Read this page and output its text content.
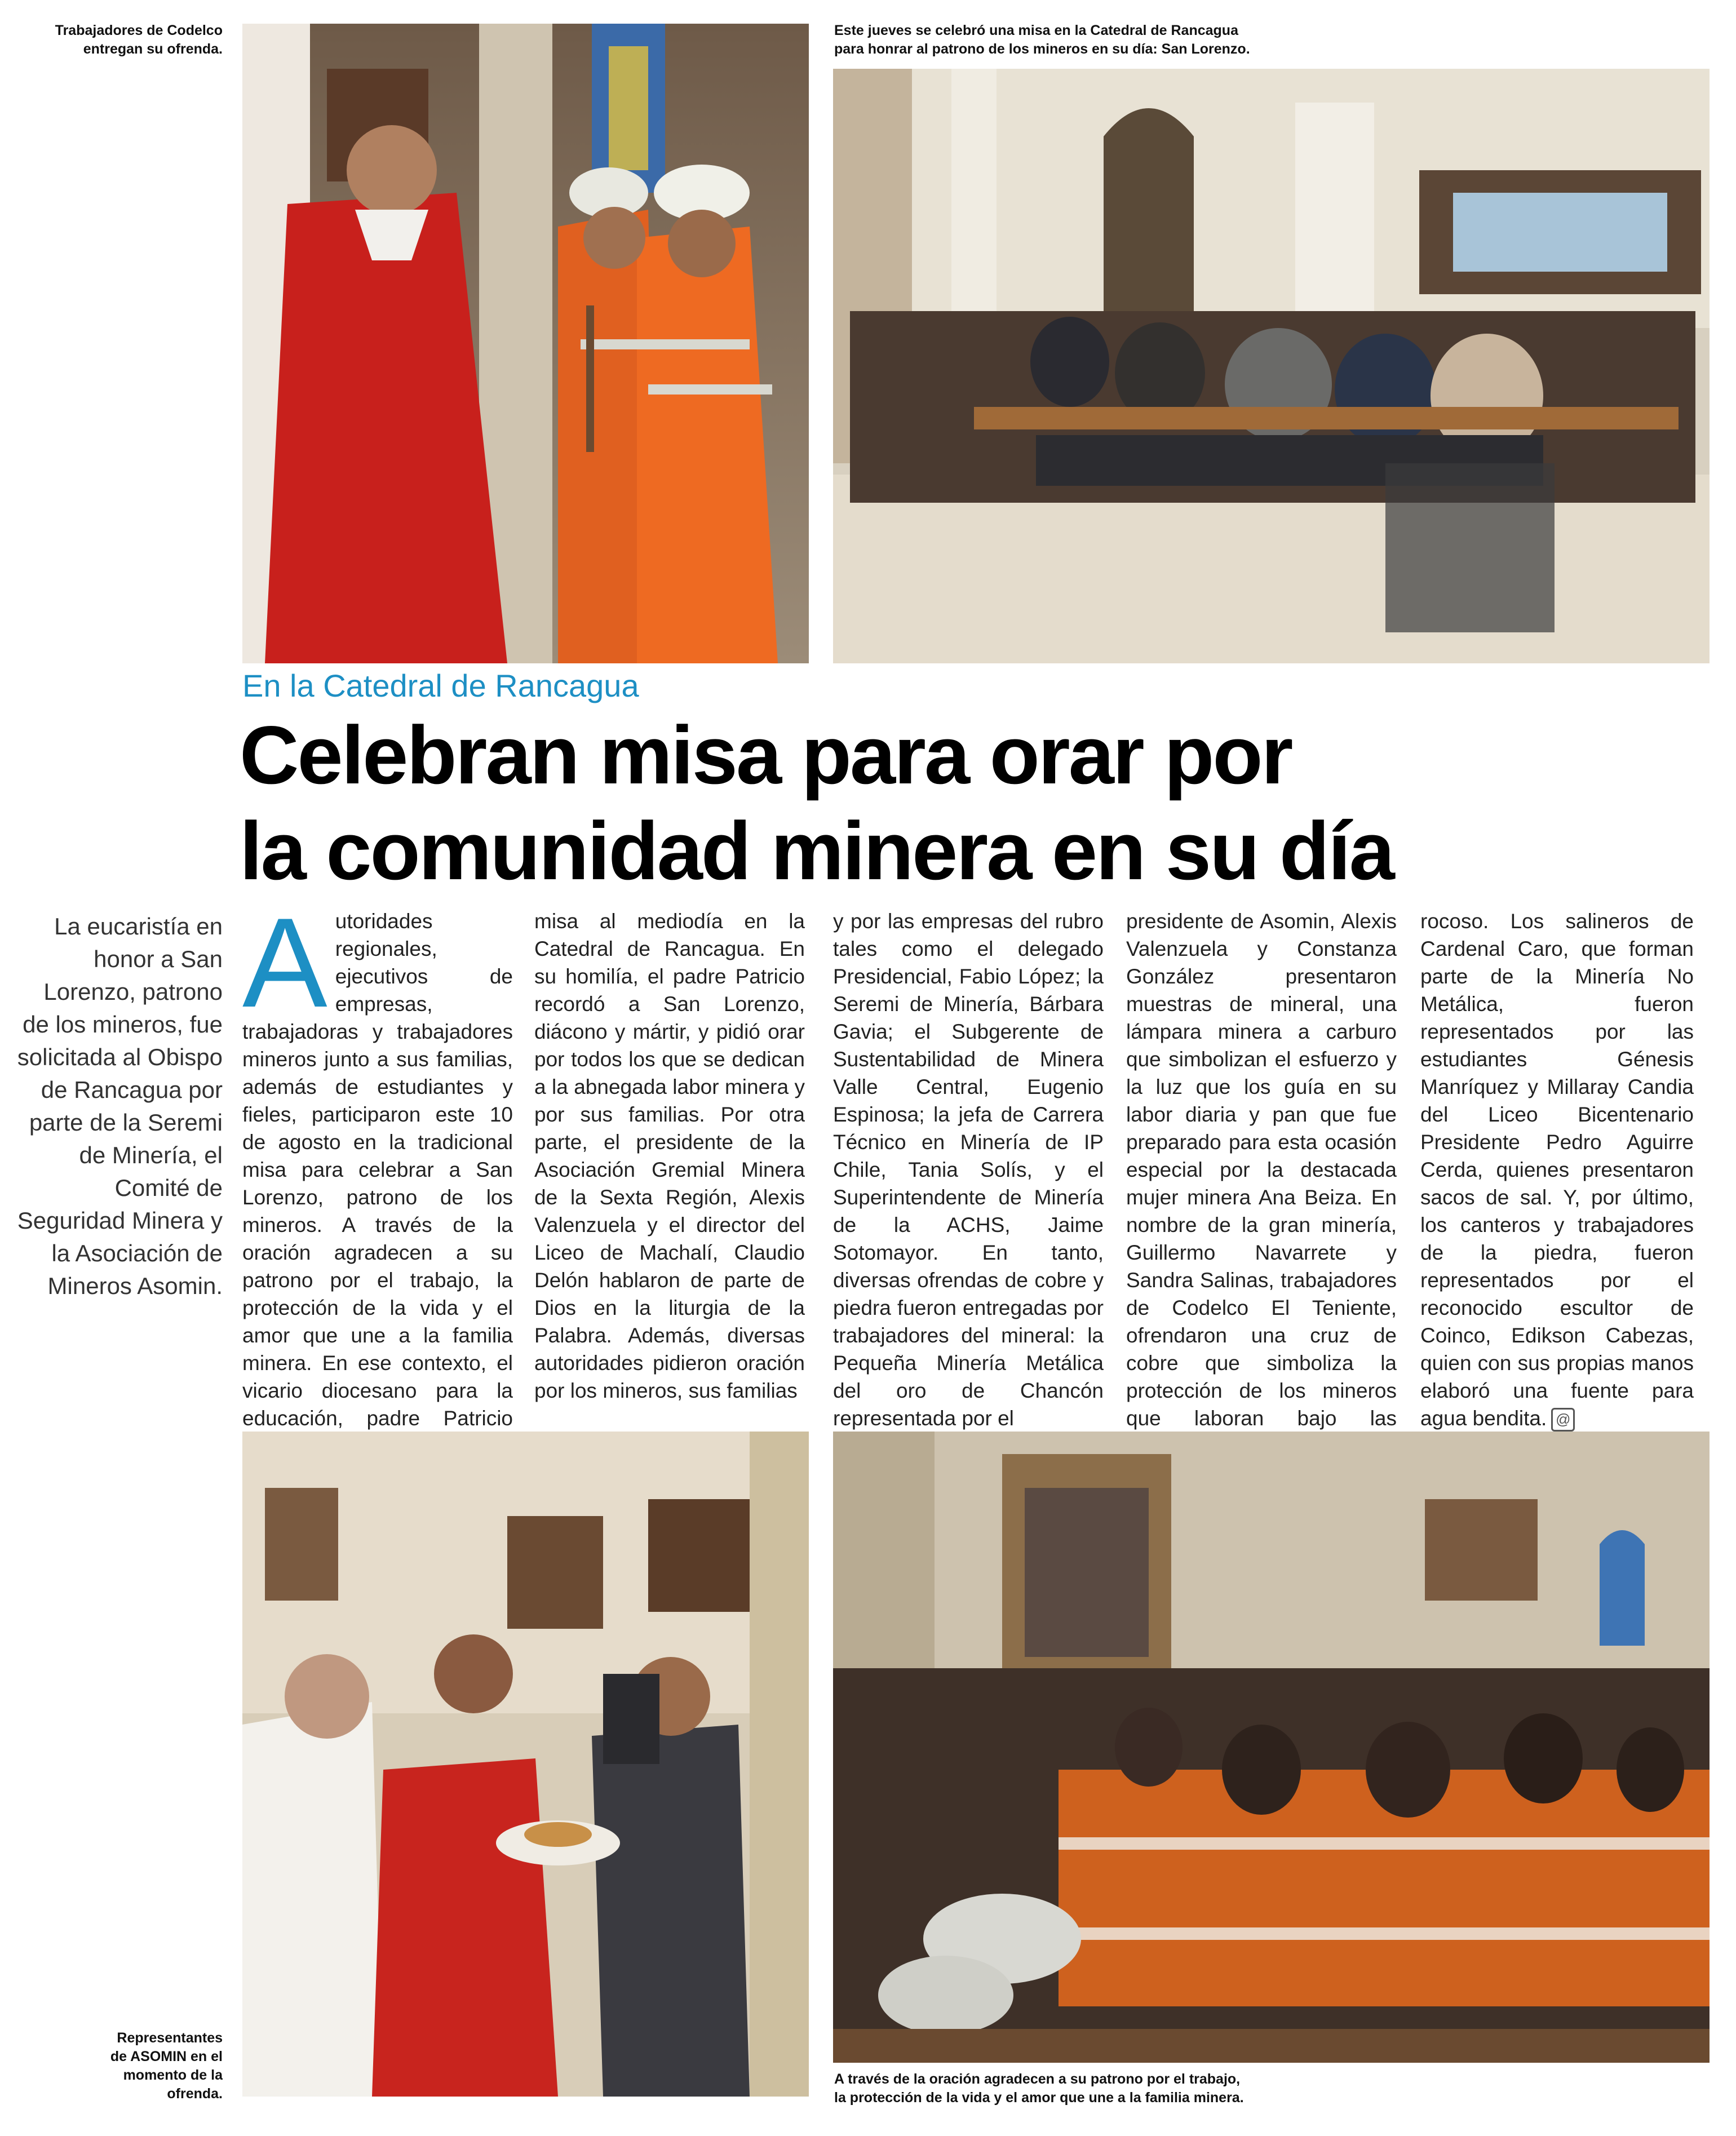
Trabajadores de Codelco
entregan su ofrenda.
Este jueves se celebró una misa en la Catedral de Rancagua
para honrar al patrono de los mineros en su día: San Lorenzo.
En la Catedral de Rancagua
Celebran misa para orar por
la comunidad minera en su día
La eucaristía en honor a San Lorenzo, patrono de los mineros, fue solicitada al Obispo de Rancagua por parte de la Seremi de Minería, el Comité de Seguridad Minera y la Asociación de Mineros Asomin.
A utoridades regionales, ejecutivos de empresas, trabajadoras y trabajadores mineros junto a sus familias, además de estudiantes y fieles, participaron este 10 de agosto en la tradicional misa para celebrar a San Lorenzo, patrono de los mineros. A través de la oración agradecen a su patrono por el trabajo, la protección de la vida y el amor que une a la familia minera. En ese contexto, el vicario diocesano para la educación, padre Patricio

misa al mediodía en la Catedral de Rancagua. En su homilía, el padre Patricio recordó a San Lorenzo, diácono y mártir, y pidió orar por todos los que se dedican a la abnegada labor minera y por sus familias. Por otra parte, el presidente de la Asociación Gremial Minera de la Sexta Región, Alexis Valenzuela y el director del Liceo de Machalí, Claudio Delón hablaron de parte de Dios en la liturgia de la Palabra. Además, diversas autoridades pidieron oración por los mineros, sus familias

y por las empresas del rubro tales como el delegado Presidencial, Fabio López; la Seremi de Minería, Bárbara Gavia; el Subgerente de Sustentabilidad de Minera Valle Central, Eugenio Espinosa; la jefa de Carrera Técnico en Minería de IP Chile, Tania Solís, y el Superintendente de Minería de la ACHS, Jaime Sotomayor. En tanto, diversas ofrendas de cobre y piedra fueron entregadas por trabajadores del mineral: la Pequeña Minería Metálica del oro de Chancón representada por el

presidente de Asomin, Alexis Valenzuela y Constanza González presentaron muestras de mineral, una lámpara minera a carburo que simbolizan el esfuerzo y la luz que los guía en su labor diaria y pan que fue preparado para esta ocasión especial por la destacada mujer minera Ana Beiza. En nombre de la gran minería, Guillermo Navarrete y Sandra Salinas, trabajadores de Codelco El Teniente, ofrendaron una cruz de cobre que simboliza la protección de los mineros que laboran bajo las

rocoso. Los salineros de Cardenal Caro, que forman parte de la Minería No Metálica, fueron representados por las estudiantes Génesis Manríquez y Millaray Candia del Liceo Bicentenario Presidente Pedro Aguirre Cerda, quienes presentaron sacos de sal. Y, por último, los canteros y trabajadores de la piedra, fueron representados por el reconocido escultor de Coinco, Edikson Cabezas, quien con sus propias manos elaboró una fuente para agua bendita. @
Representantes
de ASOMIN en el
momento de la
ofrenda.
A través de la oración agradecen a su patrono por el trabajo,
la protección de la vida y el amor que une a la familia minera.
